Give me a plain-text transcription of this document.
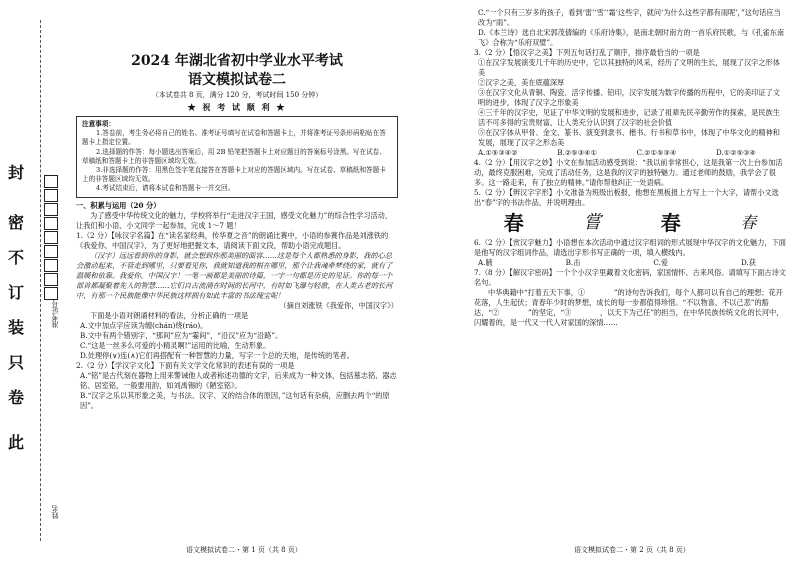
封
密
不
订
装
只
卷
此
准考证号
姓名
2024 年湖北省初中学业水平考试
语文模拟试卷二
（本试卷共 8 页，满分 120 分，考试时间 150 分钟）
★ 祝 考 试 顺 利 ★

注意事项：

1.答卷前，考生务必将自己的姓名、准考证号填写在试卷和答题卡上，并将准考证号条形码粘贴在答题卡上指定位置。

2.选择题的作答：每小题选出答案后，用 2B 铅笔把答题卡上对应题目的答案标号涂黑。写在试卷、草稿纸和答题卡上的非答题区域均无效。

3.非选择题的作答：用黑色签字笔直接答在答题卡上对应的答题区域内。写在试卷、草稿纸和答题卡上的非答题区域均无效。

4.考试结束后，请将本试卷和答题卡一并交回。

一、积累与运用（20 分）

为了感受中华传统文化的魅力，学校将举行“走进汉字王国，感受文化魅力”的综合性学习活动，让我们和小语、小文同学一起参加，完成 1～7 题！

1.（2 分）【咏汉字名篇】在“读名家经典，传华夏之音”的朗诵比赛中，小语的参赛作品是刘涨铁的《我爱你，中国汉字》，为了更好地把握文本，请阅读下面文段，帮助小语完成题目。

（汉字）远远看到你的身影，就会想到你那美丽的面容……这是每个人都熟悉的身影，我的心总会激动起来，不管走到哪里，只要看见你，我就知道我的根在哪里，那个让我魂牵梦绕的家，就有了温暖和依靠。我爱你，中国汉字！一笔一画都是美丽的诗篇，一字一句都是历史的见证。你的每一个部首都凝聚着先人的智慧……它们自古流淌在时间的长河中，有时如飞瀑与轻歌，在人类古老的长河中，有那一个民族能像中华民族这样拥有如此丰富的书法瑰宝呢！

（摘自刘涨铁《我爱你，中国汉字》）

下面是小语对朗诵材料的看法，分析正确的一项是

A.文中加点字应读为缠(chán)绕(ráo)。

B.文中有两个错别字，“那间”应为“霎间”，“沿汉”应为“沿路”。

C.“这是一丝多么可爱的小精灵啊!”运用的比喻，生动形象。

D.处理停(∨)连(∧)它们再搭配有一种智慧的力量，写字一个总的天地，是传统的笔者。

2.（2 分）【学汉字文化】下面有关文学文化常识的表述有误的一项是

A.“铭”是古代刻在器物上用来警诫他人或者称述功德的文字，后来成为一种文体，包括墓志铭、器志铭、居室铭，一般要用韵，如刘禹锡的《陋室铭》。

B.“汉字之乐以其形象之美，与书法、汉字、又的结合体的原因，”这句话有杂病，应删去两个“的原因”。

语文模拟试卷二・第 1 页（共 8 页）

C.“一个只有三岁多的孩子，看到‘雷’‘雪’‘霜’这些字，就问‘为什么这些字都有雨呢’，”这句话应当改为“雨”。

D.《本兰诗》选自北宋郭茂倩编的《乐府诗集》，是南北朝时南方的一首乐府民歌，与《孔雀东南飞》合称为“乐府双璧”。

3.（2 分）【悟汉字之美】下列五句话打乱了顺序，排序最恰当的一项是

①在汉字发展演变几千年的历史中，它以其独特的风采，经历了文明的生长，展现了汉字之形体美

②汉字之美，美在底蕴深厚

③在汉字文化从青铜、陶瓷、活字传播、铅印，汉字发展为数字传播的历程中，它的美印证了文明的进步，体现了汉字之形象美

④三千年的汉字史，见证了中华文明的发展和进步，记录了祖辈先民辛勤劳作的探索，是民族生活不可多得的宝贵财富，让人类充分认识到了汉字的社会价值

⑤在汉字体从甲骨、金文、篆书、演变到隶书、楷书、行书和草书中，体现了中华文化的精神和发展，展现了汉字之形态美

A.①⑤③④②	B.②⑤③④①	C.②①⑤③④	D.①②⑤③④

4.（2 分）【用汉字之妙】小文在参加活动感受到说：“我以前非常担心，这是我第一次上台参加活动，最终克服困难，完成了活动任务，这是我的汉字的独特魅力。通过老师的鼓励，我学会了很多。这一路走来，有了独立的精神。”请你帮他纠正一处语病。

5.（2 分）【辨汉字字形】小文准备为班级出板报，他想在黑板报上方写上一个大字，请帮小文选出“春”字的书法作品，并说明理由。

春	嘗	春	春

6.（2 分）【赏汉字魅力】小语想在本次活动中通过汉字组词的形式展现中华汉字的文化魅力，下面是他写的汉字组词作品，请选出字形书写正确的一项，填入横线内。

A.腋	B.击	C.爱	D.获

7.（8 分）【解汉字密码】一个个小汉字里藏着文化密码，家国情怀、古来风俗。请填写下面古诗文名句。

中华典籍中“打着五天下事，①　　　　”的诗句告诉我们，每个人都可以有自己的理想；花开花落，人生起伏；青春年少时的梦想，成长的每一步都值得珍惜。“不以物喜，不以己悲”的豁达，“②　　　　”的坚定，“③　　　　，以天下为己任”的担当，在中华民族传统文化的长河中，闪耀着的，是一代又一代人对家国的深情……

语文模拟试卷二・第 2 页（共 8 页）
